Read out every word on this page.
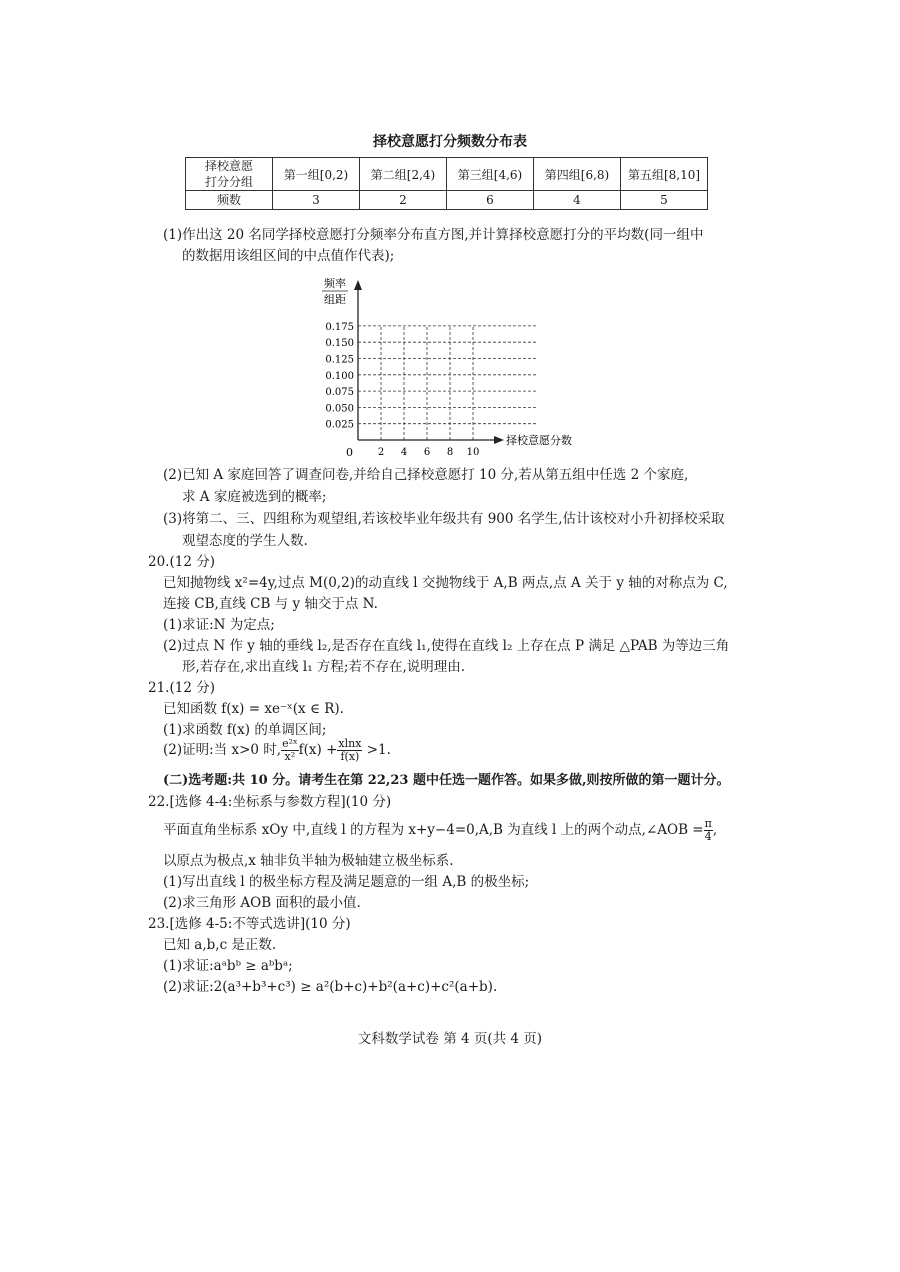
择校意愿打分频数分布表
择校意愿
打分分组	第一组[0,2)	第二组[2,4)	第三组[4,6)	第四组[6,8)	第五组[8,10]
频数	3	2	6	4	5
(1)作出这 20 名同学择校意愿打分频率分布直方图,并计算择校意愿打分的平均数(同一组中
的数据用该组区间的中点值作代表);
0.025
0.050
0.075
0.100
0.125
0.150
0.175
2 4 6 8 10
频率
组距
0
择校意愿分数
(2)已知 A 家庭回答了调查问卷,并给自己择校意愿打 10 分,若从第五组中任选 2 个家庭,
求 A 家庭被选到的概率;
(3)将第二、三、四组称为观望组,若该校毕业年级共有 900 名学生,估计该校对小升初择校采取
观望态度的学生人数.
20.(12 分)
已知抛物线 x²=4y,过点 M(0,2)的动直线 l 交抛物线于 A,B 两点,点 A 关于 y 轴的对称点为 C,
连接 CB,直线 CB 与 y 轴交于点 N.
(1)求证:N 为定点;
(2)过点 N 作 y 轴的垂线 l₂,是否存在直线 l₁,使得在直线 l₂ 上存在点 P 满足 △PAB 为等边三角
形,若存在,求出直线 l₁ 方程;若不存在,说明理由.
21.(12 分)
已知函数 f(x) = xe⁻ˣ(x ∈ R).
(1)求函数 f(x) 的单调区间;
(2)证明:当 x>0 时, $\frac{\text{e²ˣ}}{\text{x²}} f(x) + \frac{xlnx}{f(x)} >1$.
(二)选考题:共 10 分。请考生在第 22,23 题中任选一题作答。如果多做,则按所做的第一题计分。
22.[选修 4-4:坐标系与参数方程](10 分)
平面直角坐标系 xOy 中,直线 l 的方程为 x+y−4=0,A,B 为直线 l 上的两个动点,∠AOB = $\frac{\pi}{4}$ ,
以原点为极点,x 轴非负半轴为极轴建立极坐标系.
(1)写出直线 l 的极坐标方程及满足题意的一组 A,B 的极坐标;
(2)求三角形 AOB 面积的最小值.
23.[选修 4-5:不等式选讲](10 分)
已知 a,b,c 是正数.
(1)求证:aᵃbᵇ ≥ aᵇbᵃ;
(2)求证:2(a³+b³+c³) ≥ a²(b+c)+b²(a+c)+c²(a+b).
文科数学试卷 第 4 页(共 4 页)
